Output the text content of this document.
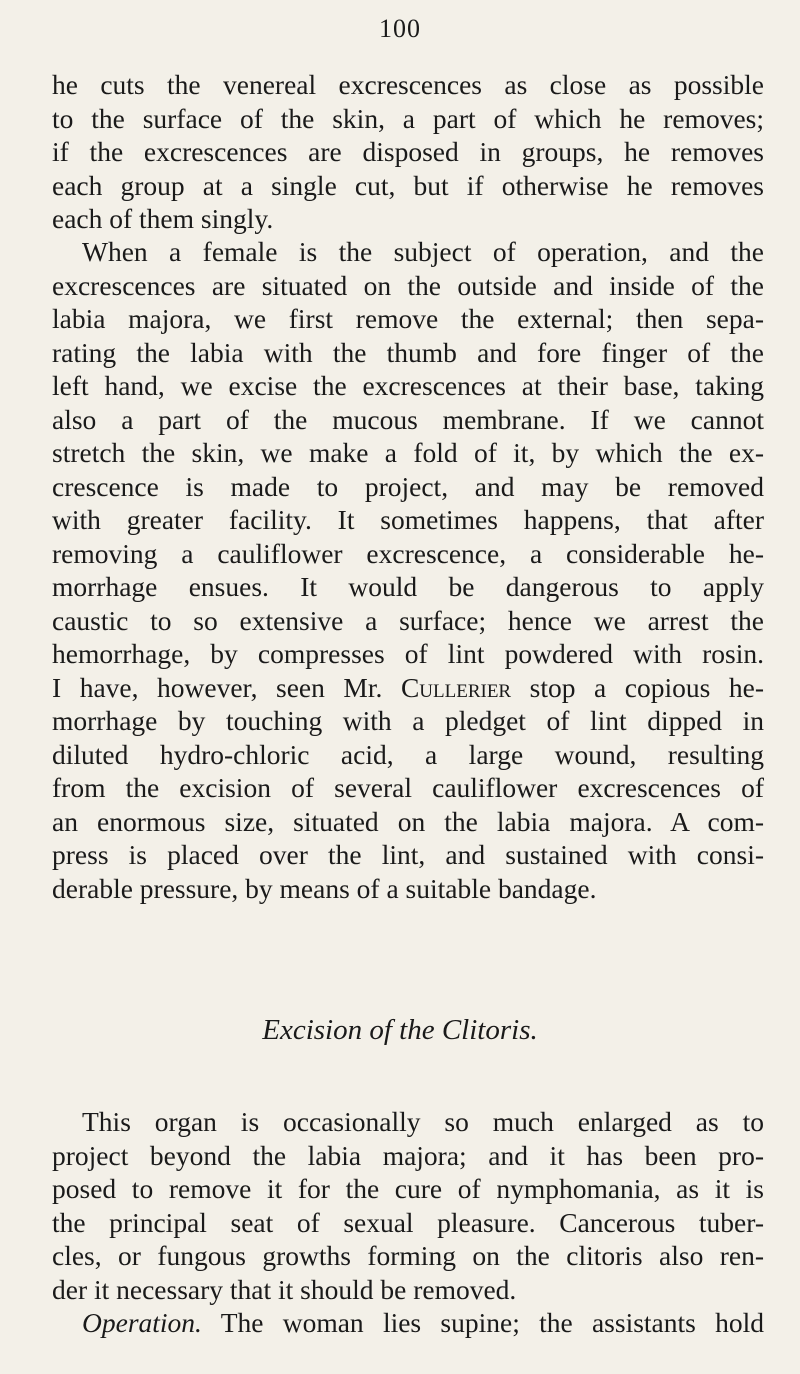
100
he cuts the venereal excrescences as close as possible
to the surface of the skin, a part of which he removes;
if the excrescences are disposed in groups, he removes
each group at a single cut, but if otherwise he removes
each of them singly.
When a female is the subject of operation, and the
excrescences are situated on the outside and inside of the
labia majora, we first remove the external; then sepa-
rating the labia with the thumb and fore finger of the
left hand, we excise the excrescences at their base, taking
also a part of the mucous membrane. If we cannot
stretch the skin, we make a fold of it, by which the ex-
crescence is made to project, and may be removed
with greater facility. It sometimes happens, that after
removing a cauliflower excrescence, a considerable he-
morrhage ensues. It would be dangerous to apply
caustic to so extensive a surface; hence we arrest the
hemorrhage, by compresses of lint powdered with rosin.
I have, however, seen Mr. Cullerier stop a copious he-
morrhage by touching with a pledget of lint dipped in
diluted hydro-chloric acid, a large wound, resulting
from the excision of several cauliflower excrescences of
an enormous size, situated on the labia majora. A com-
press is placed over the lint, and sustained with consi-
derable pressure, by means of a suitable bandage.
Excision of the Clitoris.
This organ is occasionally so much enlarged as to
project beyond the labia majora; and it has been pro-
posed to remove it for the cure of nymphomania, as it is
the principal seat of sexual pleasure. Cancerous tuber-
cles, or fungous growths forming on the clitoris also ren-
der it necessary that it should be removed.
Operation. The woman lies supine; the assistants hold
